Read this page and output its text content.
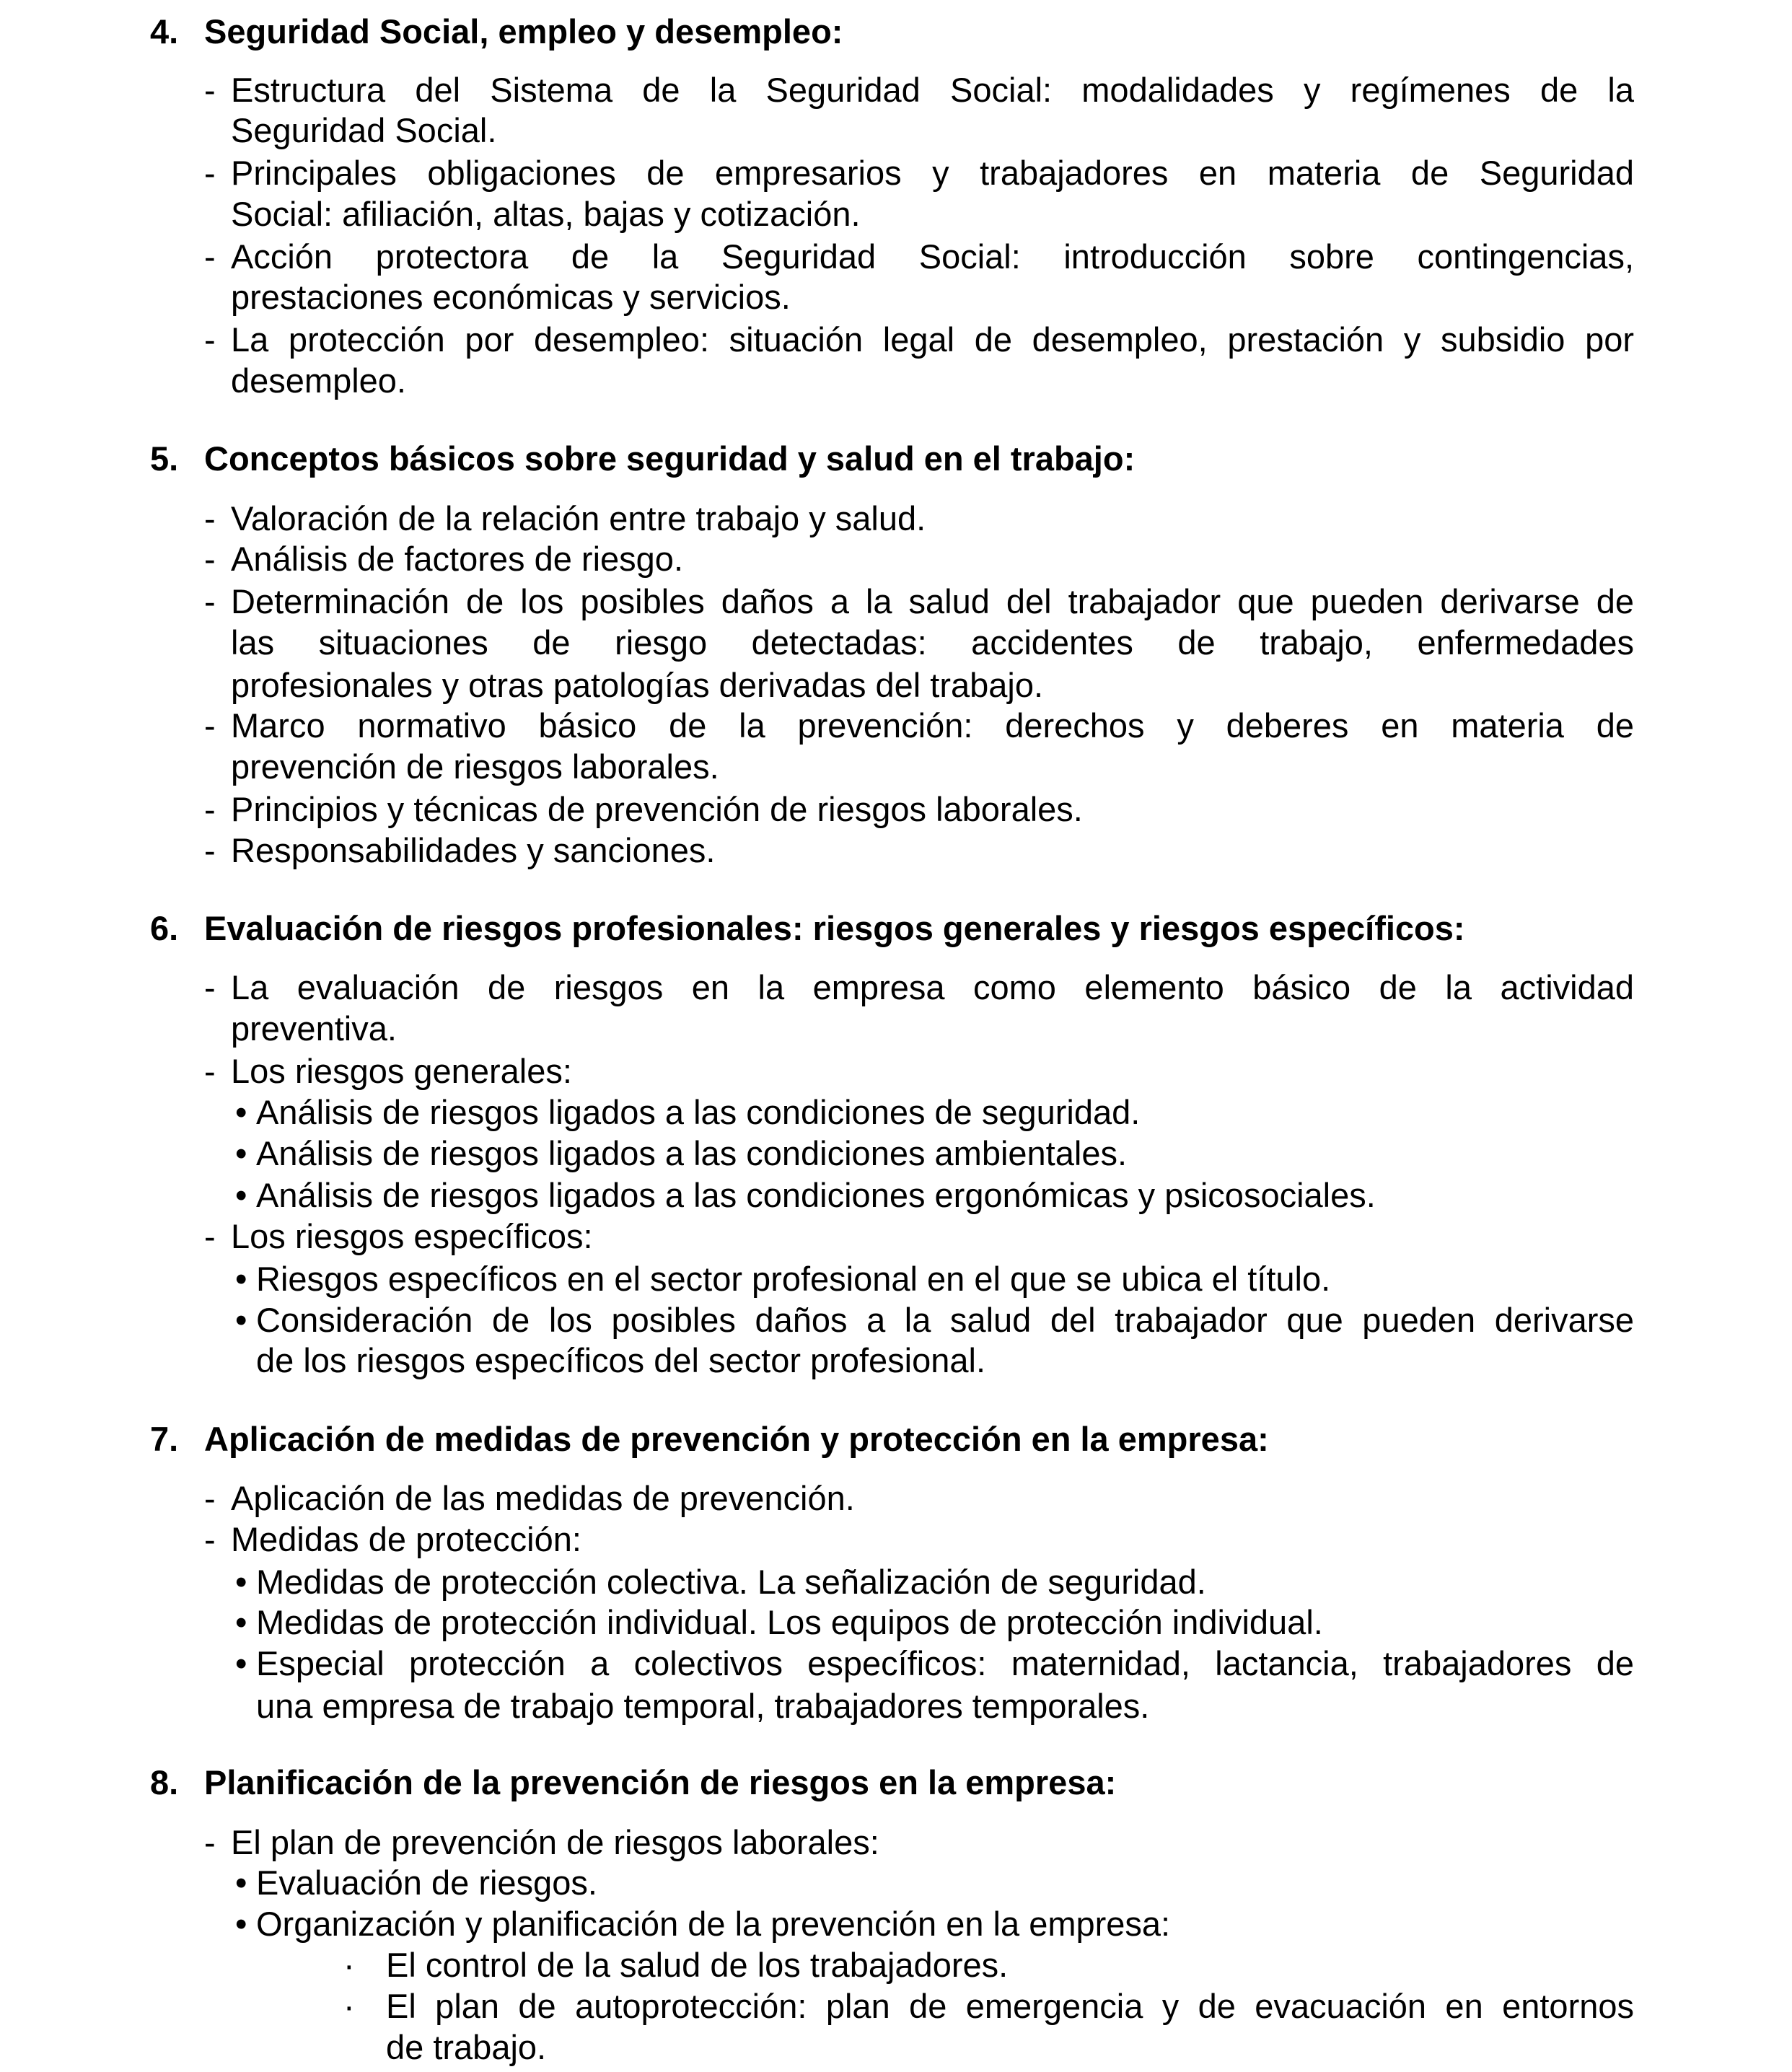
4. Seguridad Social, empleo y desempleo:
- Estructura del Sistema de la Seguridad Social: modalidades y regímenes de la
Seguridad Social.
- Principales obligaciones de empresarios y trabajadores en materia de Seguridad
Social: afiliación, altas, bajas y cotización.
- Acción protectora de la Seguridad Social: introducción sobre contingencias,
prestaciones económicas y servicios.
- La protección por desempleo: situación legal de desempleo, prestación y subsidio por
desempleo.
5. Conceptos básicos sobre seguridad y salud en el trabajo:
- Valoración de la relación entre trabajo y salud.
- Análisis de factores de riesgo.
- Determinación de los posibles daños a la salud del trabajador que pueden derivarse de
las situaciones de riesgo detectadas: accidentes de trabajo, enfermedades
profesionales y otras patologías derivadas del trabajo.
- Marco normativo básico de la prevención: derechos y deberes en materia de
prevención de riesgos laborales.
- Principios y técnicas de prevención de riesgos laborales.
- Responsabilidades y sanciones.
6. Evaluación de riesgos profesionales: riesgos generales y riesgos específicos:
- La evaluación de riesgos en la empresa como elemento básico de la actividad
preventiva.
- Los riesgos generales:
• Análisis de riesgos ligados a las condiciones de seguridad.
• Análisis de riesgos ligados a las condiciones ambientales.
• Análisis de riesgos ligados a las condiciones ergonómicas y psicosociales.
- Los riesgos específicos:
• Riesgos específicos en el sector profesional en el que se ubica el título.
• Consideración de los posibles daños a la salud del trabajador que pueden derivarse
de los riesgos específicos del sector profesional.
7. Aplicación de medidas de prevención y protección en la empresa:
- Aplicación de las medidas de prevención.
- Medidas de protección:
• Medidas de protección colectiva. La señalización de seguridad.
• Medidas de protección individual. Los equipos de protección individual.
• Especial protección a colectivos específicos: maternidad, lactancia, trabajadores de
una empresa de trabajo temporal, trabajadores temporales.
8. Planificación de la prevención de riesgos en la empresa:
- El plan de prevención de riesgos laborales:
• Evaluación de riesgos.
• Organización y planificación de la prevención en la empresa:
· El control de la salud de los trabajadores.
· El plan de autoprotección: plan de emergencia y de evacuación en entornos
de trabajo.
